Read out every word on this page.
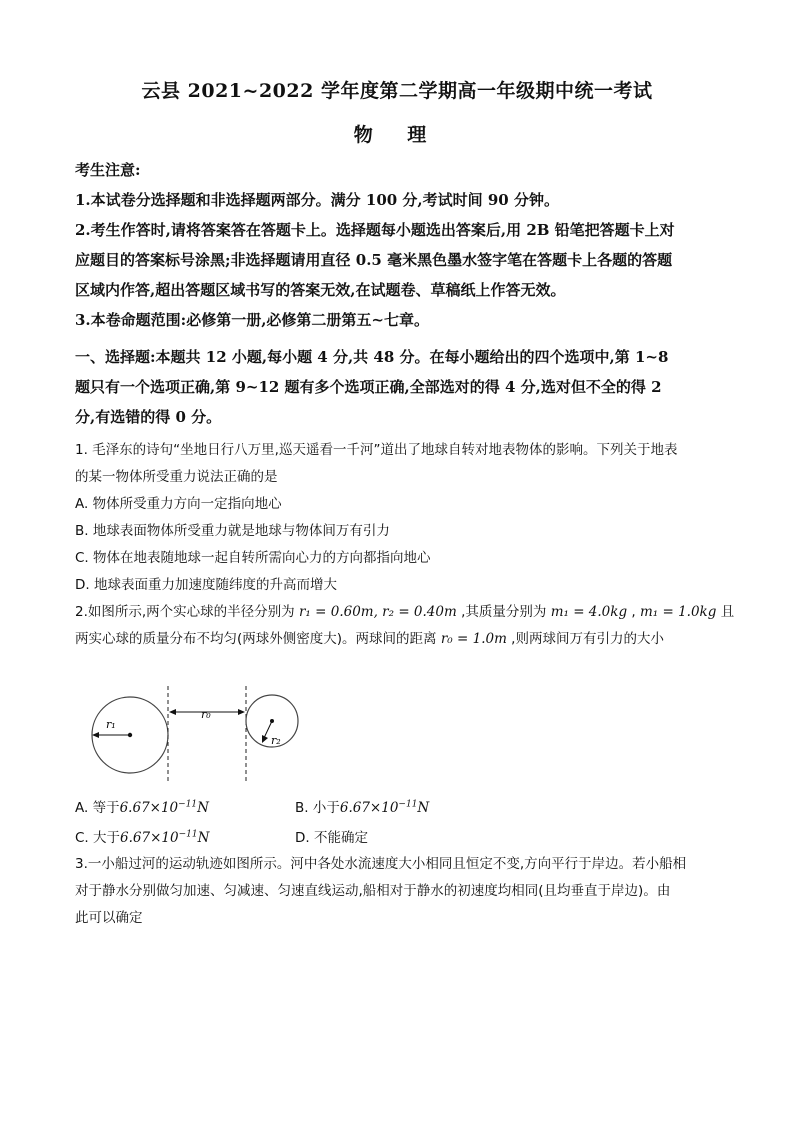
云县 2021~2022 学年度第二学期高一年级期中统一考试
物 理
考生注意:
1.本试卷分选择题和非选择题两部分。满分 100 分,考试时间 90 分钟。
2.考生作答时,请将答案答在答题卡上。选择题每小题选出答案后,用 2B 铅笔把答题卡上对
应题目的答案标号涂黑;非选择题请用直径 0.5 毫米黑色墨水签字笔在答题卡上各题的答题
区域内作答,超出答题区域书写的答案无效,在试题卷、草稿纸上作答无效。
3.本卷命题范围:必修第一册,必修第二册第五~七章。
一、选择题:本题共 12 小题,每小题 4 分,共 48 分。在每小题给出的四个选项中,第 1~8
题只有一个选项正确,第 9~12 题有多个选项正确,全部选对的得 4 分,选对但不全的得 2
分,有选错的得 0 分。
1. 毛泽东的诗句“坐地日行八万里,巡天遥看一千河”道出了地球自转对地表物体的影响。下列关于地表
的某一物体所受重力说法正确的是
A. 物体所受重力方向一定指向地心
B. 地球表面物体所受重力就是地球与物体间万有引力
C. 物体在地表随地球一起自转所需向心力的方向都指向地心
D. 地球表面重力加速度随纬度的升高而增大
2.如图所示,两个实心球的半径分别为 r₁ = 0.60m, r₂ = 0.40m ,其质量分别为 m₁ = 4.0kg , m₁ = 1.0kg 且
两实心球的质量分布不均匀(两球外侧密度大)。两球间的距离 r₀ = 1.0m ,则两球间万有引力的大小
r₁
r₀
r₂
A. 等于$6.67\times 10^{-11}N$	B. 小于$6.67\times 10^{-11}N$
C. 大于$6.67\times 10^{-11}N$	D. 不能确定
3.一小船过河的运动轨迹如图所示。河中各处水流速度大小相同且恒定不变,方向平行于岸边。若小船相
对于静水分别做匀加速、匀减速、匀速直线运动,船相对于静水的初速度均相同(且均垂直于岸边)。由
此可以确定
